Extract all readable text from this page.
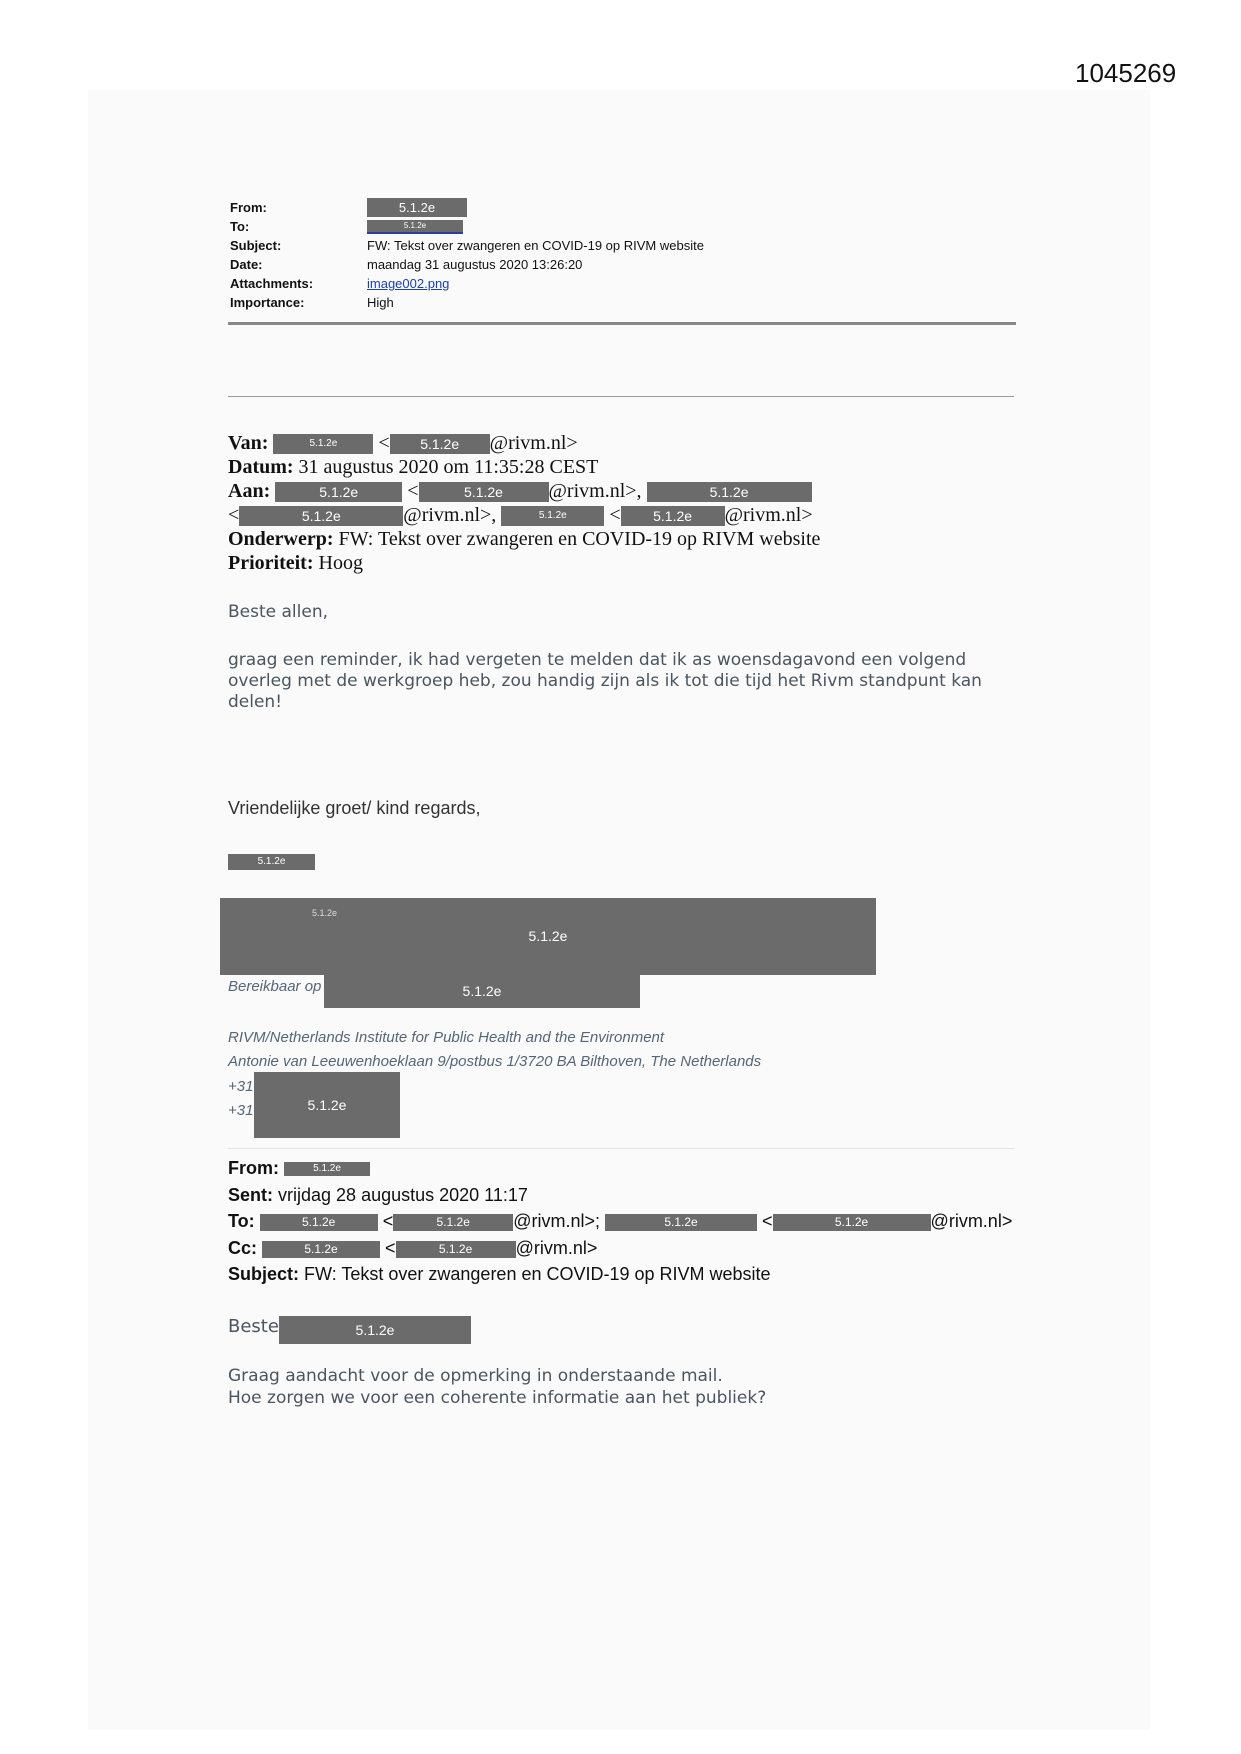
1045269
From:	5.1.2e
To:	5.1.2e
Subject:	FW: Tekst over zwangeren en COVID-19 op RIVM website
Date:	maandag 31 augustus 2020 13:26:20
Attachments:	image002.png
Importance:	High
Van:	5.1.2e < 5.1.2e @rivm.nl>
Datum: 31 augustus 2020 om 11:35:28 CEST
Aan:	5.1.2e <	5.1.2e @rivm.nl>,	5.1.2e
<	5.1.2e	@rivm.nl>,	5.1.2e < 5.1.2e @rivm.nl>
Onderwerp: FW: Tekst over zwangeren en COVID-19 op RIVM website
Prioriteit: Hoog
Beste allen,
graag een reminder, ik had vergeten te melden dat ik as woensdagavond een volgend overleg met de werkgroep heb, zou handig zijn als ik tot die tijd het Rivm standpunt kan delen!
Vriendelijke groet/ kind regards,
5.1.2e
5.1.2e
5.1.2e
Bereikbaar op	5.1.2e
RIVM/Netherlands Institute for Public Health and the Environment
Antonie van Leeuwenhoeklaan 9/postbus 1/3720 BA Bilthoven, The Netherlands
+31
+31	5.1.2e
From:	5.1.2e
Sent: vrijdag 28 augustus 2020 11:17
To:	5.1.2e	<	5.1.2e @rivm.nl>;	5.1.2e	<	5.1.2e	@rivm.nl>
Cc:	5.1.2e	<	5.1.2e @rivm.nl>
Subject: FW: Tekst over zwangeren en COVID-19 op RIVM website
Beste	5.1.2e
Graag aandacht voor de opmerking in onderstaande mail.
Hoe zorgen we voor een coherente informatie aan het publiek?
